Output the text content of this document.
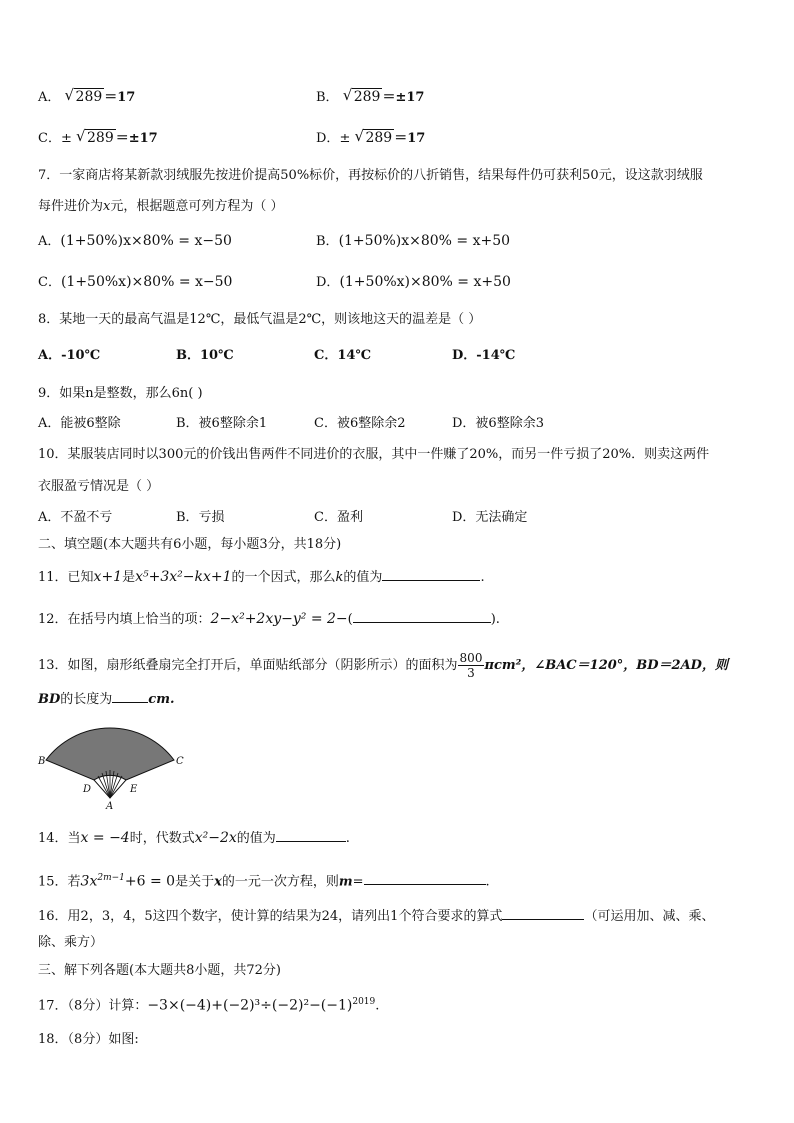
A． √ 289 ＝17	B． √ 289 ＝±17
C．± √ 289 ＝±17	D．± √ 289 ＝17
7．一家商店将某新款羽绒服先按进价提高50%标价，再按标价的八折销售，结果每件仍可获利50元，设这款羽绒服
每件进价为x元，根据题意可列方程为（ ）
A．(1+50%)x×80% = x−50	B．(1+50%)x×80% = x+50
C．(1+50%x)×80% = x−50	D．(1+50%x)×80% = x+50
8．某地一天的最高气温是12℃，最低气温是2℃，则该地这天的温差是（ ）
A．-10℃	B．10℃	C．14℃	D．-14℃
9．如果n是整数，那么6n( )
A．能被6整除	B．被6整除余1	C．被6整除余2	D．被6整除余3
10．某服装店同时以300元的价钱出售两件不同进价的衣服，其中一件赚了20%，而另一件亏损了20%．则卖这两件
衣服盈亏情况是（ ）
A．不盈不亏	B．亏损	C．盈利	D．无法确定
二、填空题(本大题共有6小题，每小题3分，共18分)
11．已知x+1是x⁵+3x²−kx+1的一个因式，那么k的值为	.
12．在括号内填上恰当的项：2−x²+2xy−y² = 2−(	).
13．如图，扇形纸叠扇完全打开后，单面贴纸部分（阴影所示）的面积为 $\frac{800}{3} \pi cm^2$，∠BAC＝120°，BD＝2AD，则
BD的长度为	cm.
B	C
D	E
A
14．当x = −4时，代数式x²−2x的值为	.
15．若$3x^{2m-1}+6 = 0$是关于x的一元一次方程，则m=	.
16．用2，3，4，5这四个数字，使计算的结果为24，请列出1个符合要求的算式	（可运用加、减、乘、
除、乘方）
三、解下列各题(本大题共8小题，共72分)
17．（8分）计算：$-3\times(-4)+(-2)^3\div(-2)^2-(-1)^{2019}$.
18．（8分）如图:
